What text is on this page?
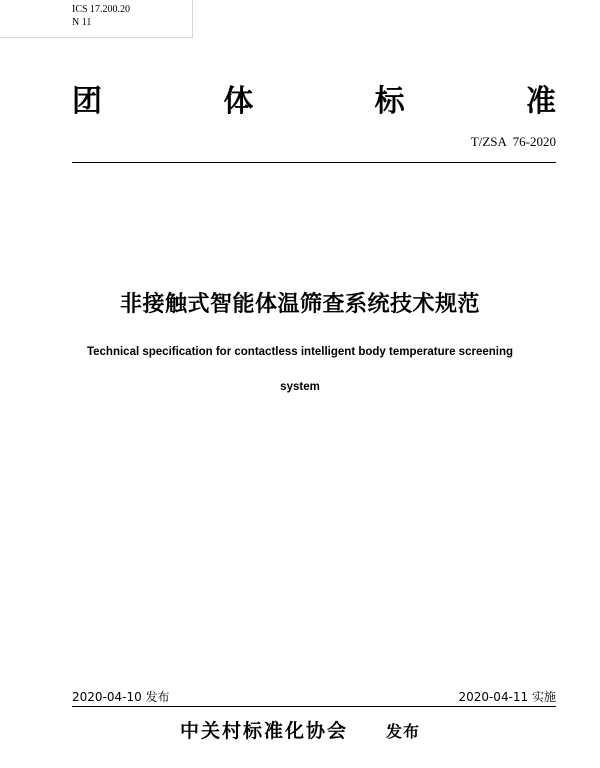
ICS 17.200.20
N 11
团	体	标	准
T/ZSA  76-2020
非接触式智能体温筛查系统技术规范
Technical specification for contactless intelligent body temperature screening
system
2020-04-10 发布	2020-04-11 实施
中关村标准化协会 发布
